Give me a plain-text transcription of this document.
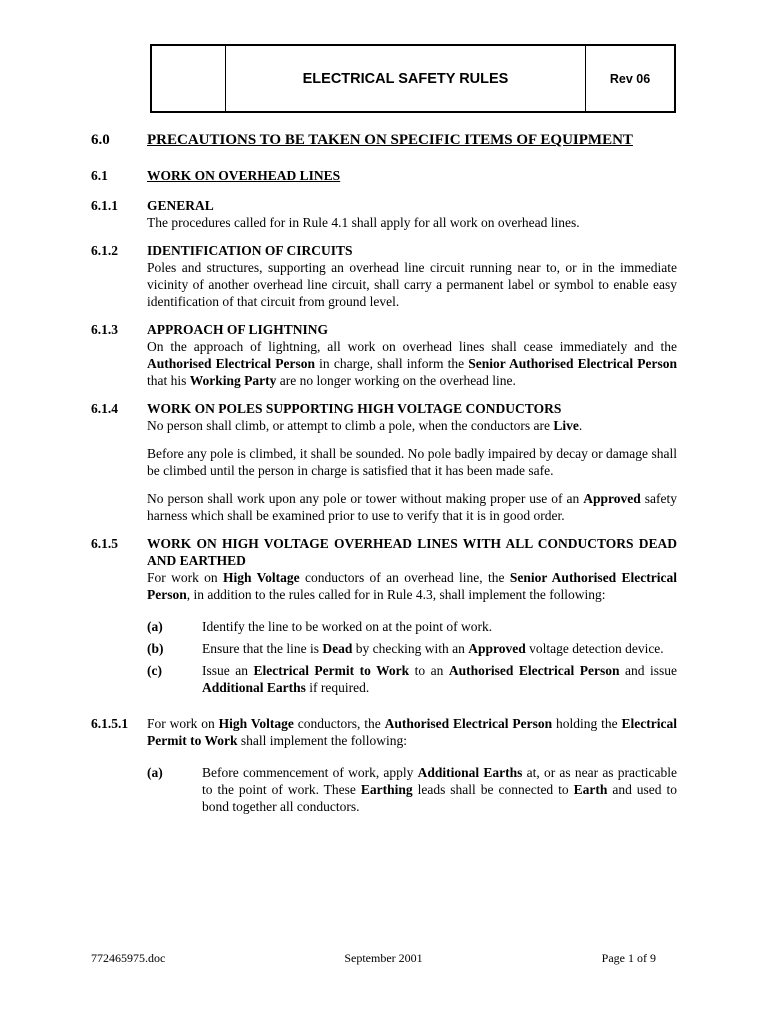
ELECTRICAL SAFETY RULES	Rev 06
6.0	PRECAUTIONS TO BE TAKEN ON SPECIFIC ITEMS OF EQUIPMENT
6.1	WORK ON OVERHEAD LINES
6.1.1	GENERAL

The procedures called for in Rule 4.1 shall apply for all work on overhead lines.

6.1.2	IDENTIFICATION OF CIRCUITS

Poles and structures, supporting an overhead line circuit running near to, or in the immediate vicinity of another overhead line circuit, shall carry a permanent label or symbol to enable easy identification of that circuit from ground level.

6.1.3	APPROACH OF LIGHTNING

On the approach of lightning, all work on overhead lines shall cease immediately and the Authorised Electrical Person in charge, shall inform the Senior Authorised Electrical Person that his Working Party are no longer working on the overhead line.

6.1.4	WORK ON POLES SUPPORTING HIGH VOLTAGE CONDUCTORS

No person shall climb, or attempt to climb a pole, when the conductors are Live.

Before any pole is climbed, it shall be sounded. No pole badly impaired by decay or damage shall be climbed until the person in charge is satisfied that it has been made safe.

No person shall work upon any pole or tower without making proper use of an Approved safety harness which shall be examined prior to use to verify that it is in good order.

6.1.5	WORK ON HIGH VOLTAGE OVERHEAD LINES WITH ALL CONDUCTORS DEAD AND EARTHED

For work on High Voltage conductors of an overhead line, the Senior Authorised Electrical Person, in addition to the rules called for in Rule 4.3, shall implement the following:

(a)	Identify the line to be worked on at the point of work.
(b)	Ensure that the line is Dead by checking with an Approved voltage detection device.
(c)	Issue an Electrical Permit to Work to an Authorised Electrical Person and issue Additional Earths if required.
6.1.5.1	For work on High Voltage conductors, the Authorised Electrical Person holding the Electrical Permit to Work shall implement the following:

(a)	Before commencement of work, apply Additional Earths at, or as near as practicable to the point of work. These Earthing leads shall be connected to Earth and used to bond together all conductors.
772465975.doc	September 2001	Page 1 of 9
